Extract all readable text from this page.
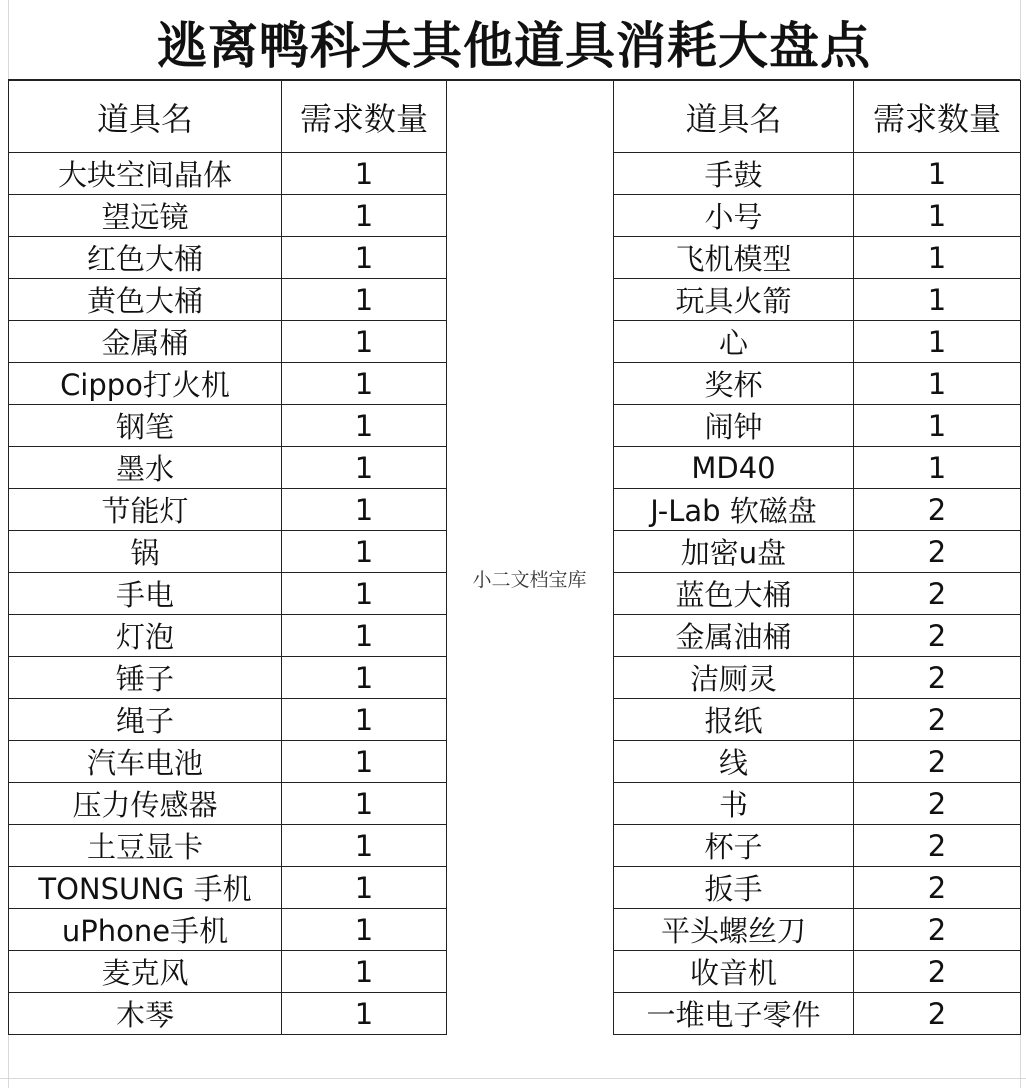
逃离鸭科夫其他道具消耗大盘点
道具名	需求数量
大块空间晶体	1
望远镜	1
红色大桶	1
黄色大桶	1
金属桶	1
Cippo打火机	1
钢笔	1
墨水	1
节能灯	1
锅	1
手电	1
灯泡	1
锤子	1
绳子	1
汽车电池	1
压力传感器	1
土豆显卡	1
TONSUNG 手机	1
uPhone手机	1
麦克风	1
木琴	1
小二文档宝库
道具名	需求数量
手鼓	1
小号	1
飞机模型	1
玩具火箭	1
心	1
奖杯	1
闹钟	1
MD40	1
J-Lab 软磁盘	2
加密u盘	2
蓝色大桶	2
金属油桶	2
洁厕灵	2
报纸	2
线	2
书	2
杯子	2
扳手	2
平头螺丝刀	2
收音机	2
一堆电子零件	2
